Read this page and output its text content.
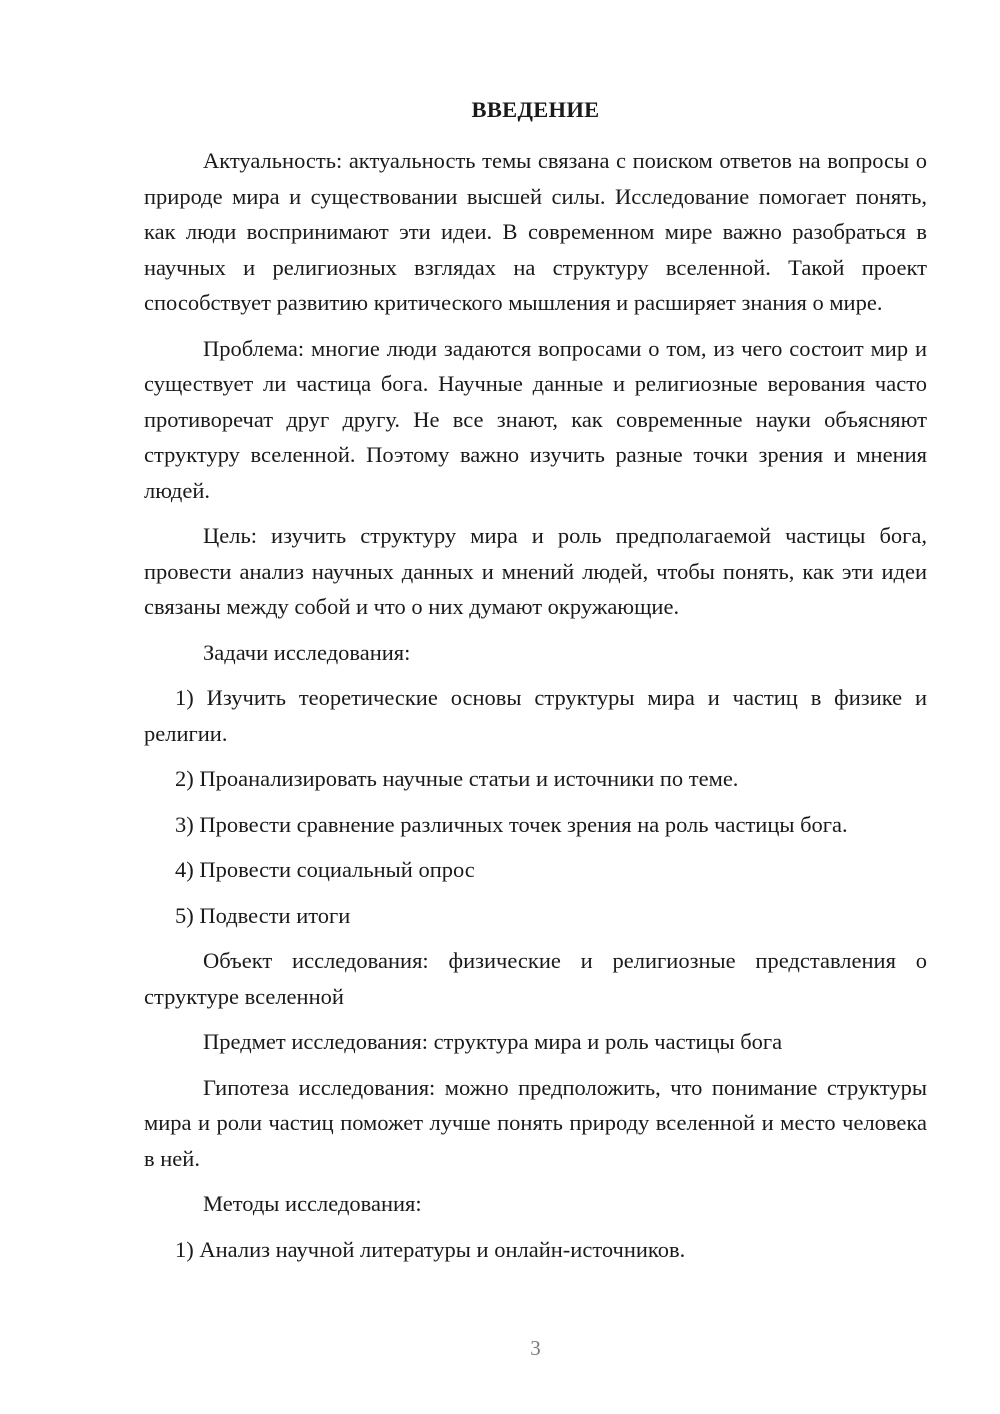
ВВЕДЕНИЕ

Актуальность: актуальность темы связана с поиском ответов на вопросы о природе мира и существовании высшей силы. Исследование помогает понять, как люди воспринимают эти идеи. В современном мире важно разобраться в научных и религиозных взглядах на структуру вселенной. Такой проект способствует развитию критического мышления и расширяет знания о мире.

Проблема: многие люди задаются вопросами о том, из чего состоит мир и существует ли частица бога. Научные данные и религиозные верования часто противоречат друг другу. Не все знают, как современные науки объясняют структуру вселенной. Поэтому важно изучить разные точки зрения и мнения людей.

Цель: изучить структуру мира и роль предполагаемой частицы бога, провести анализ научных данных и мнений людей, чтобы понять, как эти идеи связаны между собой и что о них думают окружающие.

Задачи исследования:

1) Изучить теоретические основы структуры мира и частиц в физике и религии.

2) Проанализировать научные статьи и источники по теме.

3) Провести сравнение различных точек зрения на роль частицы бога.

4) Провести социальный опрос

5) Подвести итоги

Объект исследования: физические и религиозные представления о структуре вселенной

Предмет исследования: структура мира и роль частицы бога

Гипотеза исследования: можно предположить, что понимание структуры мира и роли частиц поможет лучше понять природу вселенной и место человека в ней.

Методы исследования:

1) Анализ научной литературы и онлайн-источников.

3
